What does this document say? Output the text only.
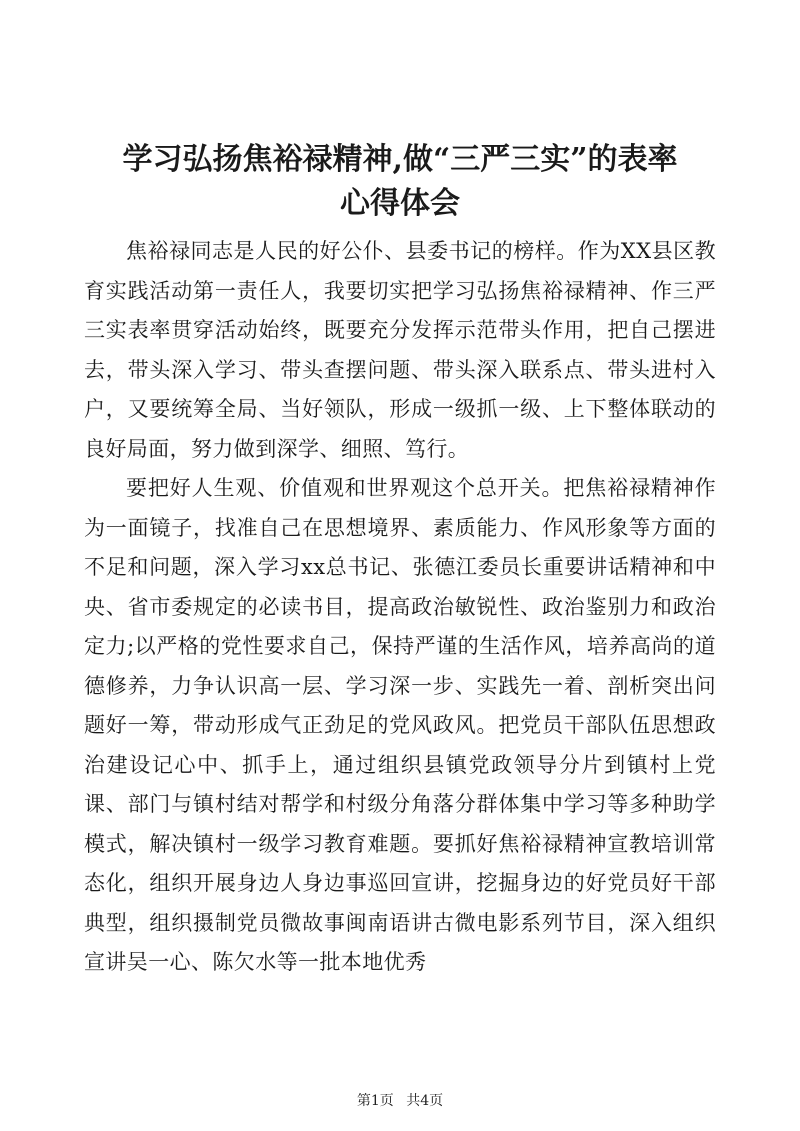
学习弘扬焦裕禄精神,做“三严三实”的表率
心得体会

焦裕禄同志是人民的好公仆、县委书记的榜样。作为XX县区教育实践活动第一责任人，我要切实把学习弘扬焦裕禄精神、作三严三实表率贯穿活动始终，既要充分发挥示范带头作用，把自己摆进去，带头深入学习、带头查摆问题、带头深入联系点、带头进村入户，又要统筹全局、当好领队，形成一级抓一级、上下整体联动的良好局面，努力做到深学、细照、笃行。

要把好人生观、价值观和世界观这个总开关。把焦裕禄精神作为一面镜子，找准自己在思想境界、素质能力、作风形象等方面的不足和问题，深入学习xx总书记、张德江委员长重要讲话精神和中央、省市委规定的必读书目，提高政治敏锐性、政治鉴别力和政治定力;以严格的党性要求自己，保持严谨的生活作风，培养高尚的道德修养，力争认识高一层、学习深一步、实践先一着、剖析突出问题好一筹，带动形成气正劲足的党风政风。把党员干部队伍思想政治建设记心中、抓手上，通过组织县镇党政领导分片到镇村上党课、部门与镇村结对帮学和村级分角落分群体集中学习等多种助学模式，解决镇村一级学习教育难题。要抓好焦裕禄精神宣教培训常态化，组织开展身边人身边事巡回宣讲，挖掘身边的好党员好干部典型，组织摄制党员微故事闽南语讲古微电影系列节目，深入组织宣讲吴一心、陈欠水等一批本地优秀

第1页 共4页
